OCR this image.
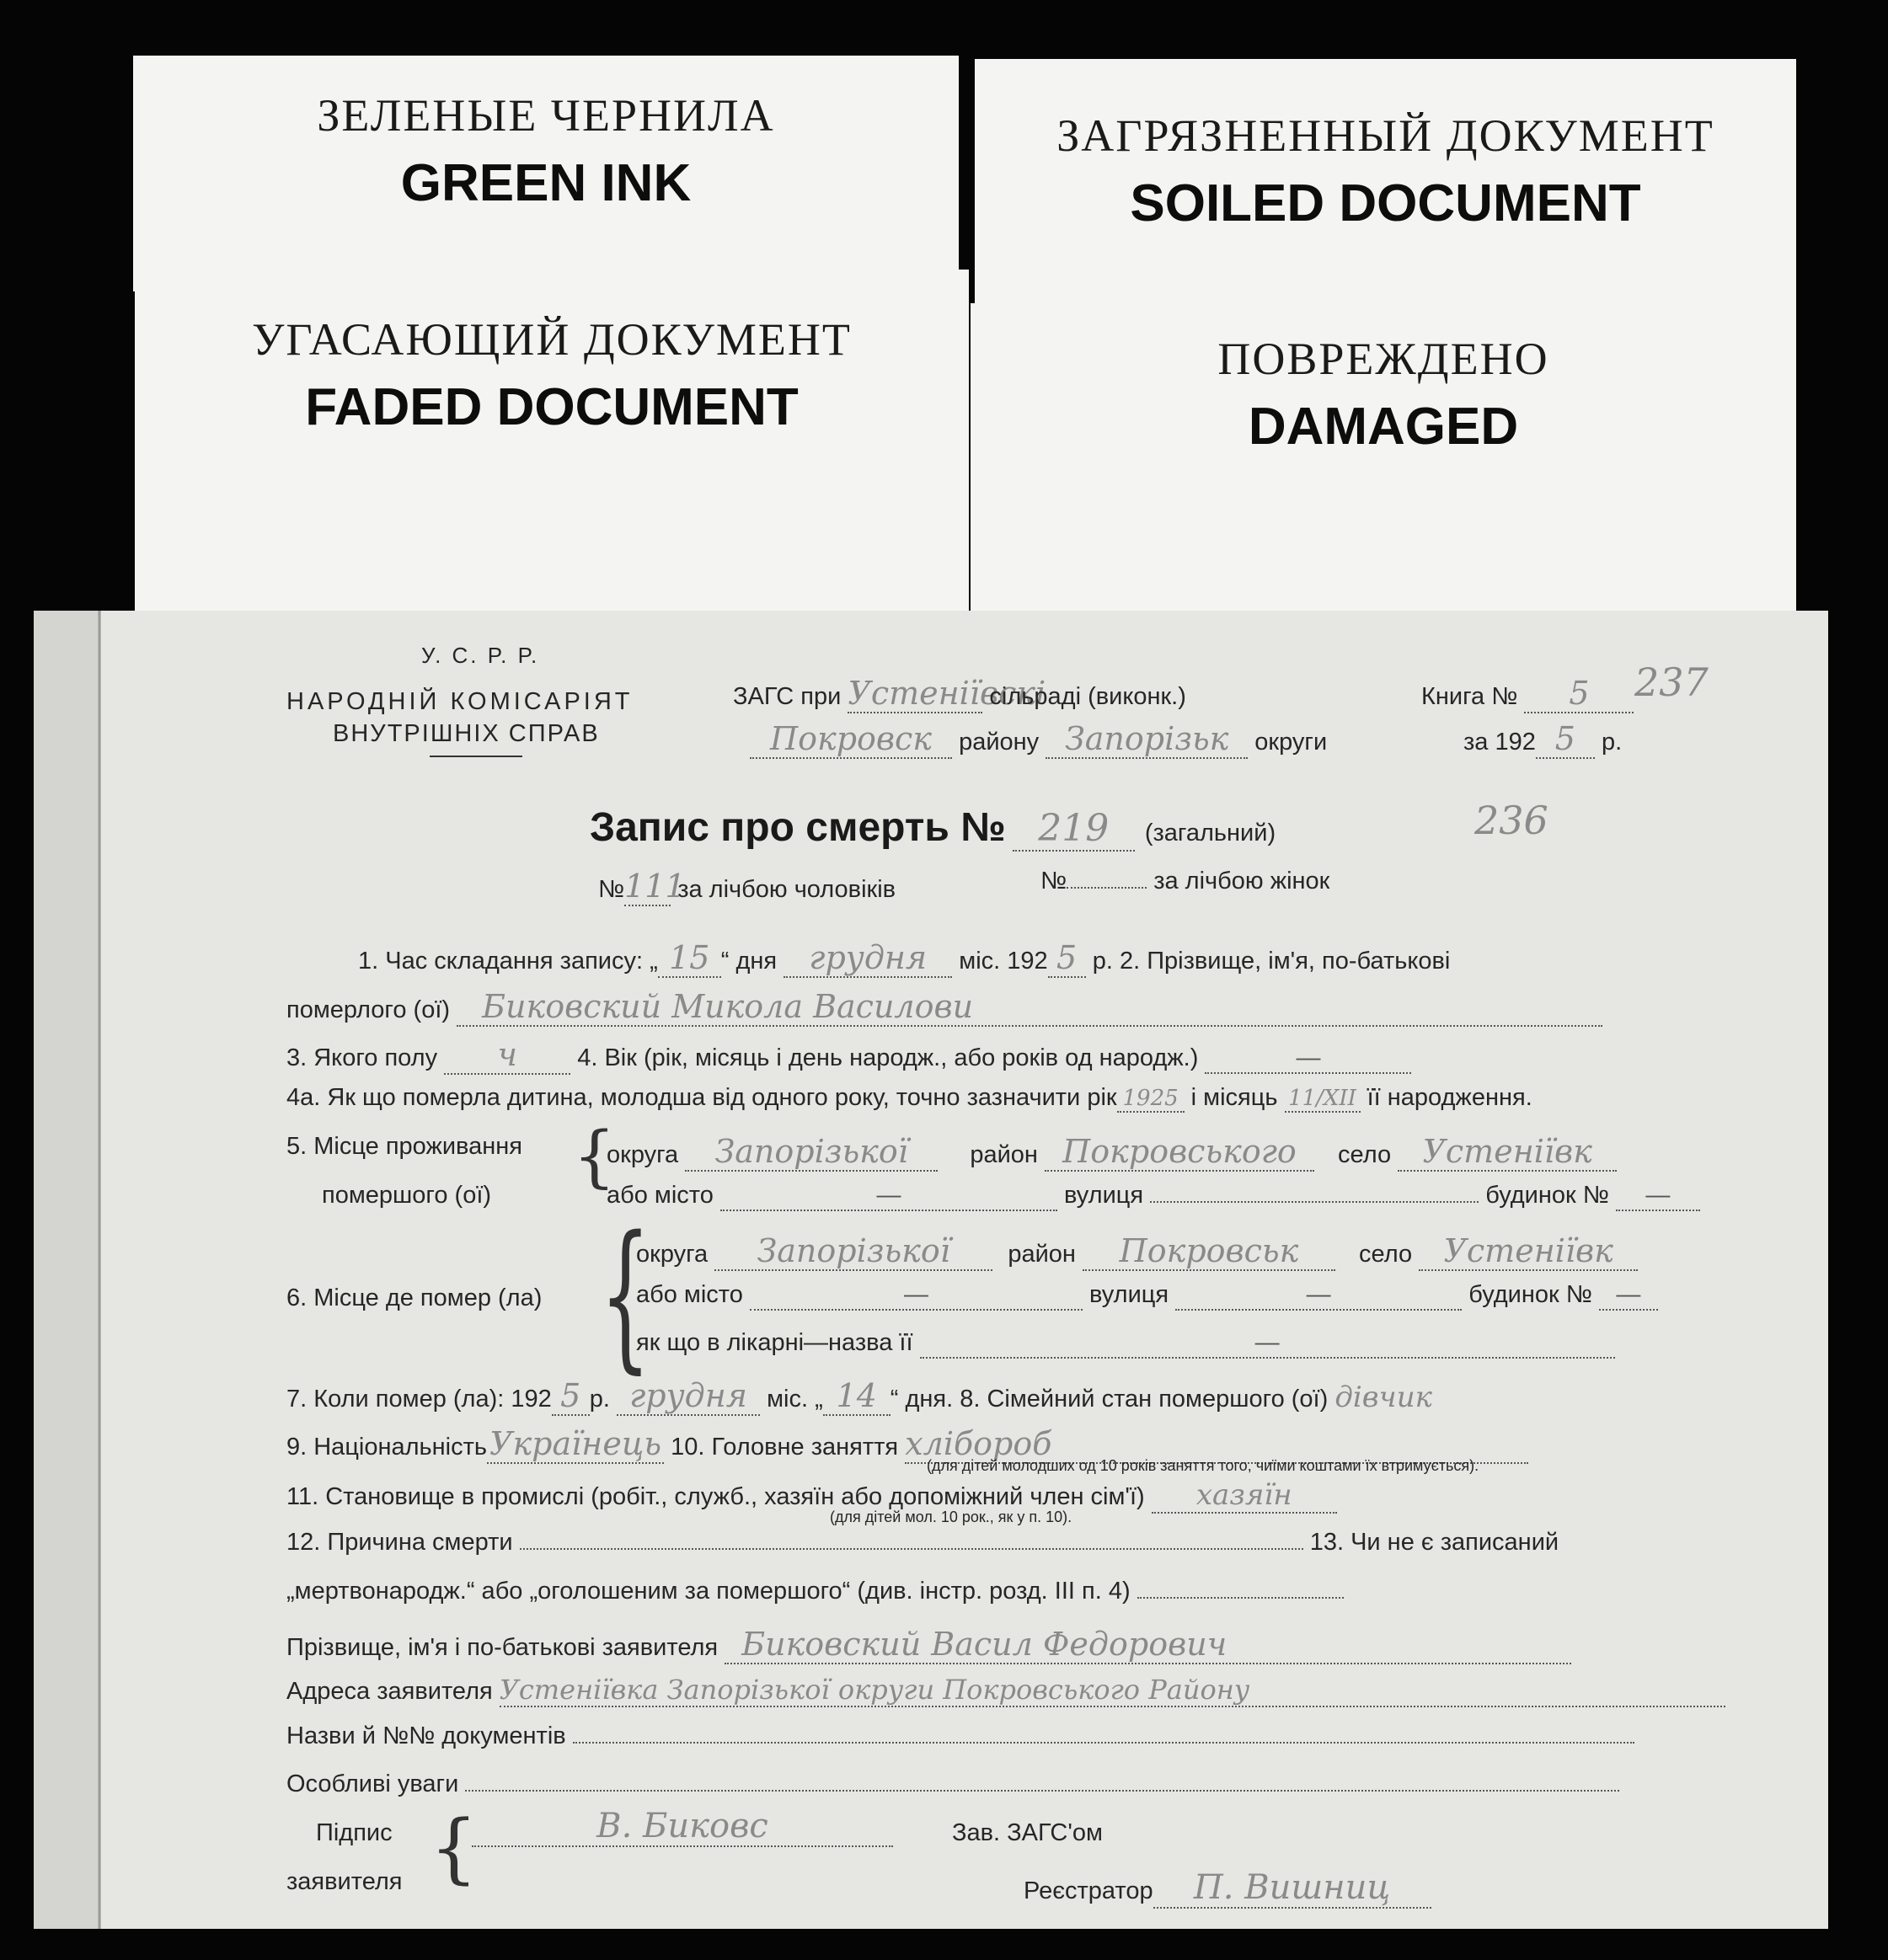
ЗЕЛЕНЫЕ ЧЕРНИЛА
GREEN INK
ЗАГРЯЗНЕННЫЙ ДОКУМЕНТ
SOILED DOCUMENT
УГАСАЮЩИЙ ДОКУМЕНТ
FADED DOCUMENT
ПОВРЕЖДЕНО
DAMAGED
У. С. Р. Р.
НАРОДНІЙ КОМІСАРІЯТ
ВНУТРІШНІХ СПРАВ
ЗАГС при Устеніївскі сільраді (виконк.)	Книга № 5	237
Покровск району Запорізьк округи	за 192 5 р.
Запис про смерть № 219 (загальний)	236
№111 за лічбою чоловіків	№	за лічбою жінок
1. Час складання запису: „ 15 “ дня грудня міс. 192 5 р. 2. Прізвище, ім'я, по-батькові
померлого (ої) Биковский Микола Василови
3. Якого полу ч 4. Вік (рік, місяць і день народж., або років од народж.)	—
4а. Як що померла дитина, молодша від одного року, точно зазначити рік 1925 і місяць 11/XII її народження.
5. Місце проживання
помершого (ої) {
округа Запорізької	район Покровського село Устеніївк
або місто	—	вулиця	будинок № —
6. Місце де помер (ла) {
округа Запорізької район Покровськ село Устеніївк
або місто	—	вулиця	—	будинок № —
як що в лікарні—назва її	—
7. Коли помер (ла): 192 5 р. грудня міс. „ 14 “ дня. 8. Сімейний стан помершого (ої) дівчик
9. НаціональністьУкраїнець 10. Головне заняття хлібороб
(для дітей молодших од 10 років заняття того, чиїми коштами їх втримується).
11. Становище в промислі (робіт., служб., хазяїн або допоміжний член сім'ї) хазяїн
(для дітей мол. 10 рок., як у п. 10).
12. Причина смерти	13. Чи не є записаний
„мертвонародж.“ або „оголошеним за помершого“ (див. інстр. розд. III п. 4)
Прізвище, ім'я і по-батькові заявителя Биковский Васил Федорович
Адреса заявителя Устеніївка Запорізької округи Покровського Району
Назви й №№ документів
Особливі уваги
Підпис
заявителя {	В. Биковс	Зав. ЗАГС'ом
Реєстратор П. Вишниц
